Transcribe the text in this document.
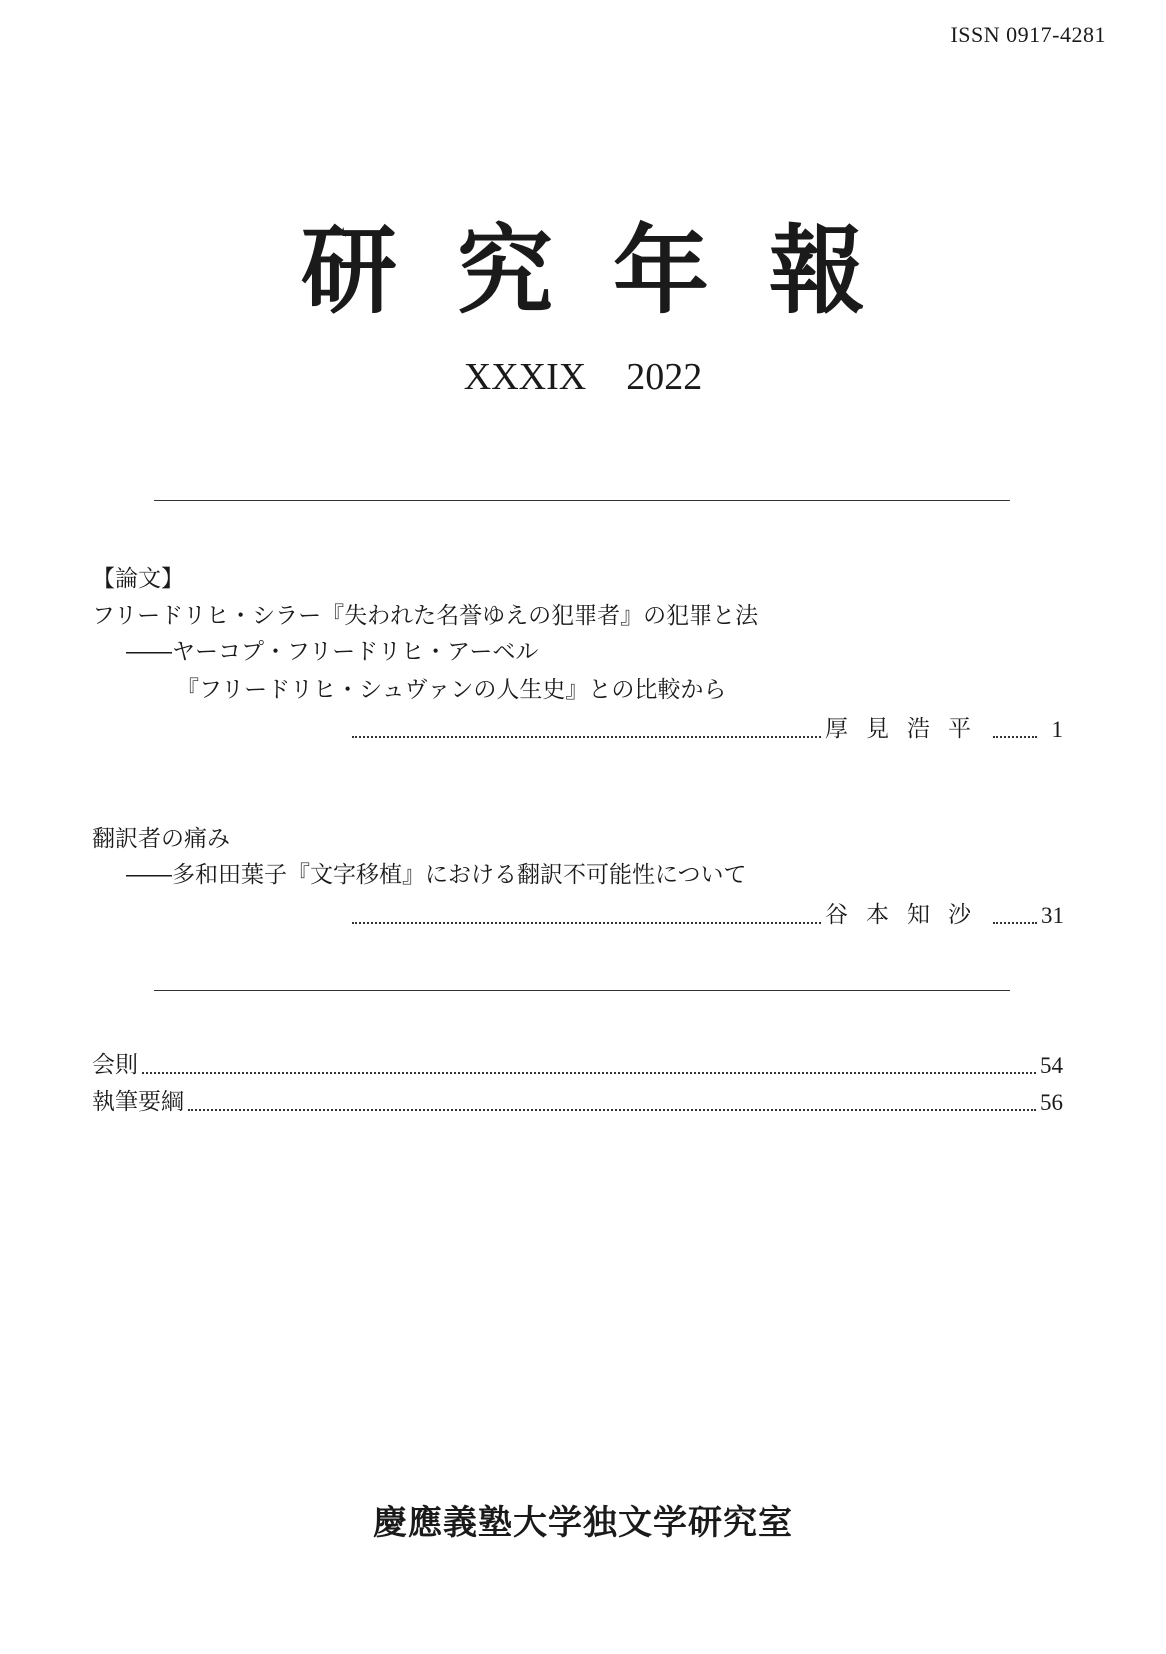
ISSN 0917-4281
研究年報
XXXIX 2022
【論文】
フリードリヒ・シラー『失われた名誉ゆえの犯罪者』の犯罪と法
――ヤーコプ・フリードリヒ・アーベル
『フリードリヒ・シュヴァンの人生史』との比較から
厚見浩平	1
翻訳者の痛み
――多和田葉子『文字移植』における翻訳不可能性について
谷本知沙 31
会則	54
執筆要綱	56
慶應義塾大学独文学研究室
